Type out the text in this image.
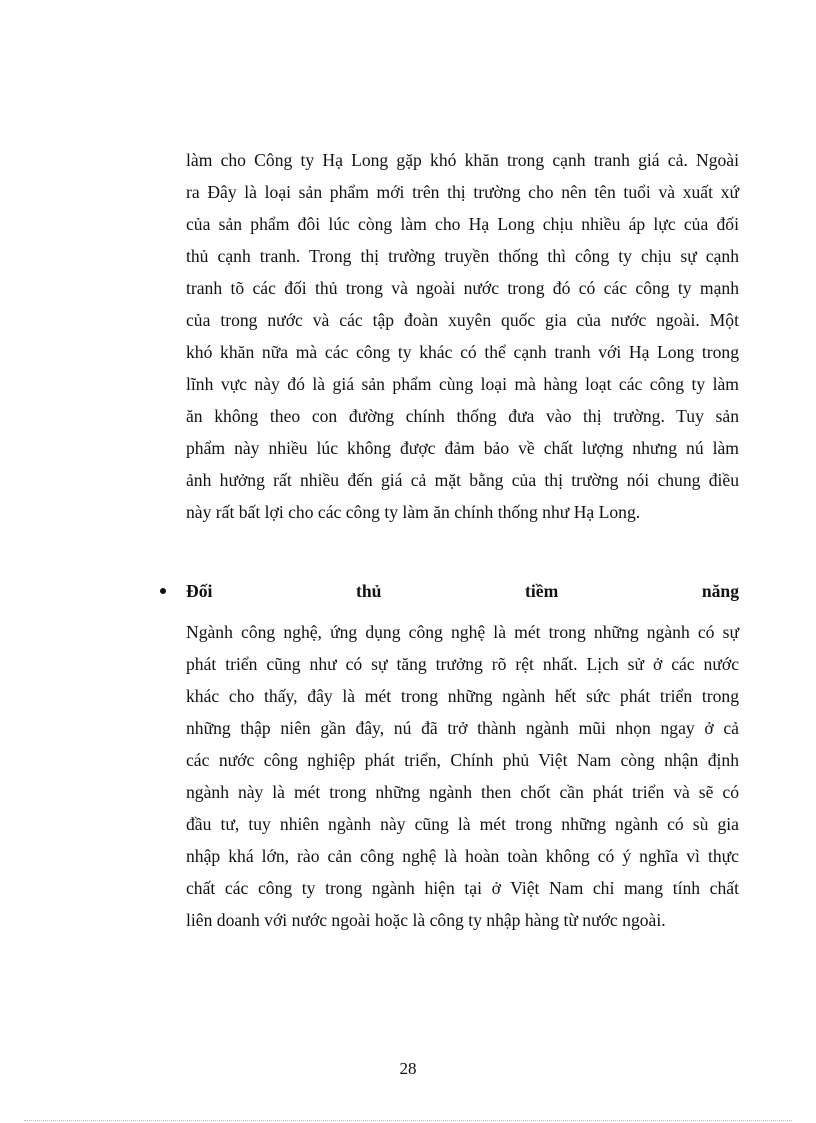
làm cho Công ty Hạ Long gặp khó khăn trong cạnh tranh giá cả. Ngoài
ra Đây là loại sản phẩm mới trên thị trường cho nên tên tuổi và xuất xứ
của sản phẩm đôi lúc còng làm cho Hạ Long chịu nhiều áp lực của đối
thủ cạnh tranh. Trong thị trường truyền thống thì công ty chịu sự cạnh
tranh tõ các đối thủ trong và ngoài nước trong đó có các công ty mạnh
của trong nước và các tập đoàn xuyên quốc gia của nước ngoài. Một
khó khăn nữa mà các công ty khác có thể cạnh tranh với Hạ Long trong
lĩnh vực này đó là giá sản phẩm cùng loại mà hàng loạt các công ty làm
ăn không theo con đường chính thống đưa vào thị trường. Tuy sản
phẩm này nhiều lúc không được đảm bảo về chất lượng nhưng nú làm
ảnh hưởng rất nhiều đến giá cả mặt bằng của thị trường nói chung điều
này rất bất lợi cho các công ty làm ăn chính thống như Hạ Long.
Đối	thủ	tiềm	năng
Ngành công nghệ, ứng dụng công nghệ là mét trong những ngành có sự
phát triển cũng như có sự tăng trưởng rõ rệt nhất. Lịch sử ở các nước
khác cho thấy, đây là mét trong những ngành hết sức phát triển trong
những thập niên gần đây, nú đã trở thành ngành mũi nhọn ngay ở cả
các nước công nghiệp phát triển, Chính phủ Việt Nam còng nhận định
ngành này là mét trong những ngành then chốt cần phát triển và sẽ có
đầu tư, tuy nhiên ngành này cũng là mét trong những ngành có sù gia
nhập khá lớn, rào cản công nghệ là hoàn toàn không có ý nghĩa vì thực
chất các công ty trong ngành hiện tại ở Việt Nam chỉ mang tính chất
liên doanh với nước ngoài hoặc là công ty nhập hàng từ nước ngoài.
28
